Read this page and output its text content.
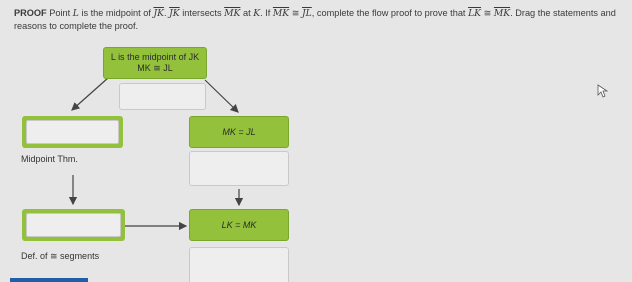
PROOF Point L is the midpoint of $\overline{JK}$. $\overline{JK}$ intersects $\overline{MK}$ at K. If $\overline{MK}$ ≅ $\overline{JL}$, complete the flow proof to prove that $\overline{LK}$ ≅ $\overline{MK}$. Drag the statements and reasons to complete the proof.
L is the midpoint of JK
MK ≅ JL
MK = JL
Midpoint Thm.
LK = MK
Def. of ≅ segments
